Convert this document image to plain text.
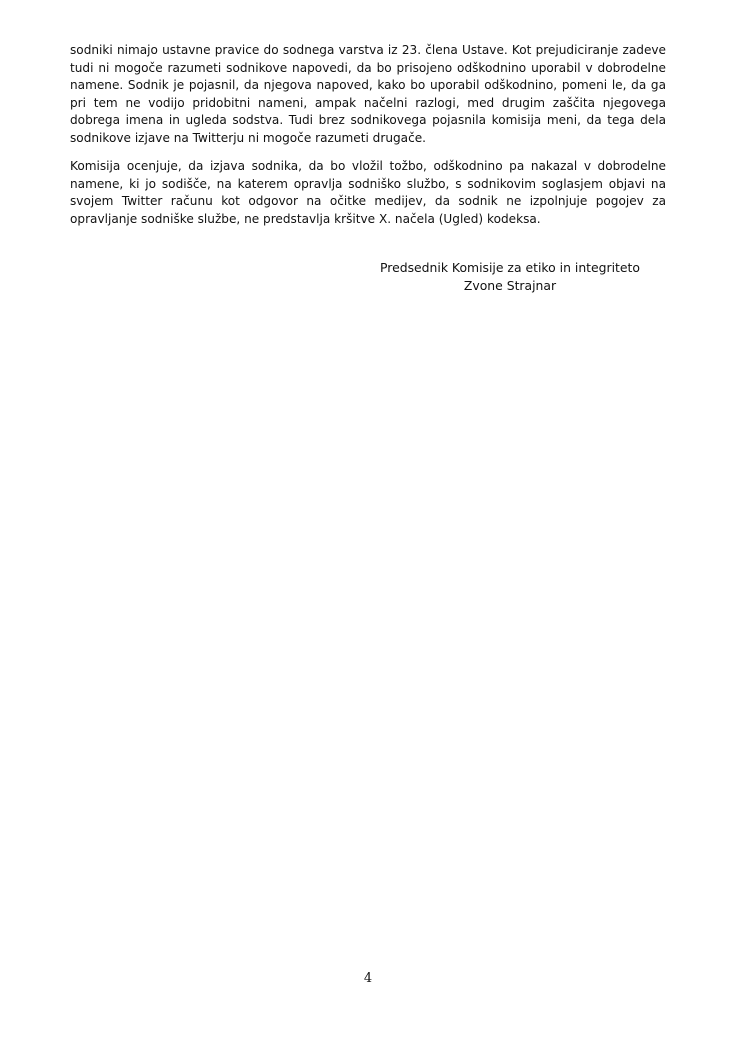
sodniki nimajo ustavne pravice do sodnega varstva iz 23. člena Ustave. Kot prejudiciranje zadeve tudi ni mogoče razumeti sodnikove napovedi, da bo prisojeno odškodnino uporabil v dobrodelne namene. Sodnik je pojasnil, da njegova napoved, kako bo uporabil odškodnino, pomeni le, da ga pri tem ne vodijo pridobitni nameni, ampak načelni razlogi, med drugim zaščita njegovega dobrega imena in ugleda sodstva. Tudi brez sodnikovega pojasnila komisija meni, da tega dela sodnikove izjave na Twitterju ni mogoče razumeti drugače.

Komisija ocenjuje, da izjava sodnika, da bo vložil tožbo, odškodnino pa nakazal v dobrodelne namene, ki jo sodišče, na katerem opravlja sodniško službo, s sodnikovim soglasjem objavi na svojem Twitter računu kot odgovor na očitke medijev, da sodnik ne izpolnjuje pogojev za opravljanje sodniške službe, ne predstavlja kršitve X. načela (Ugled) kodeksa.

Predsednik Komisije za etiko in integriteto
Zvone Strajnar
4
